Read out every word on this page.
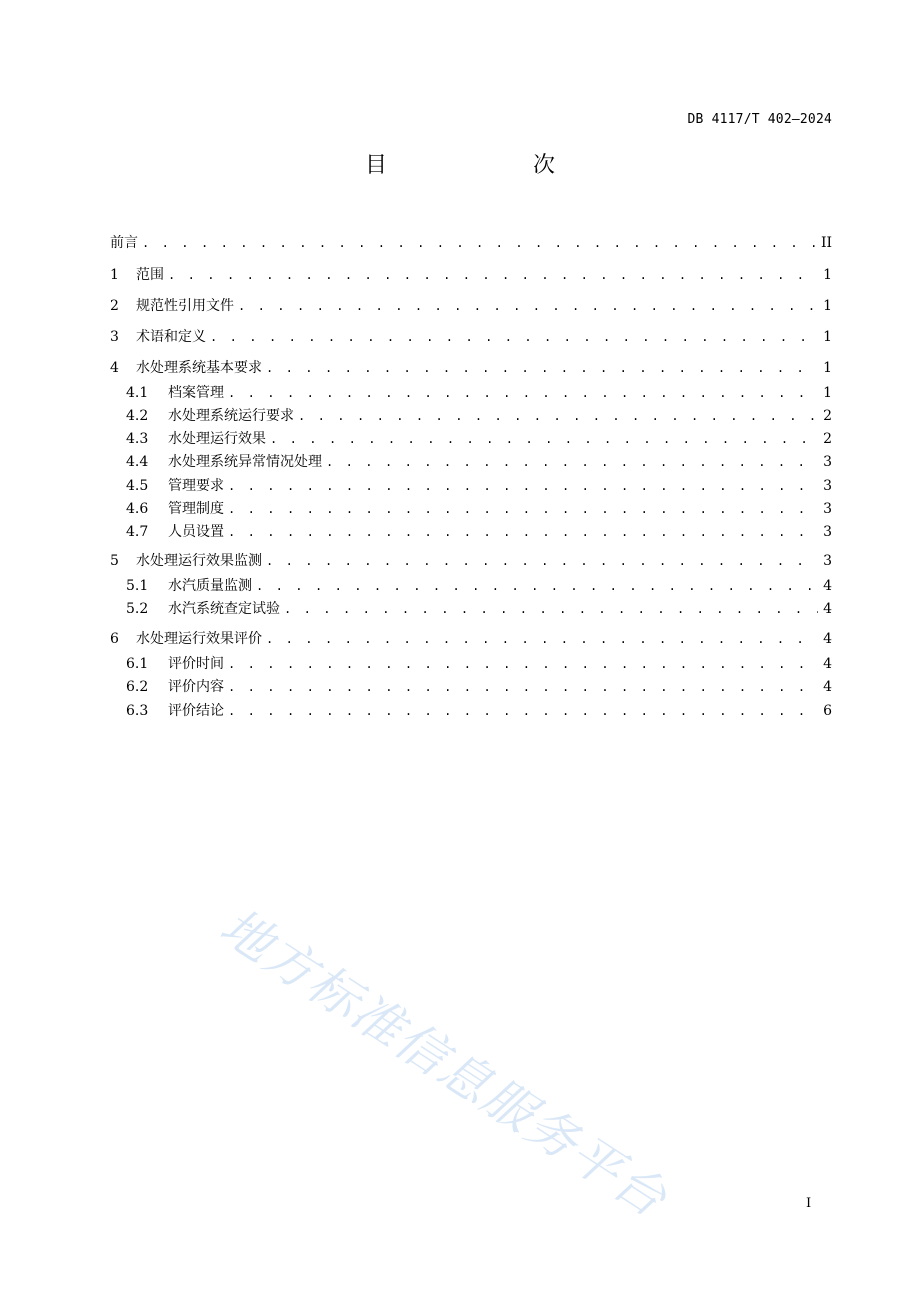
DB 4117/T 402—2024
目　　次
前言 . . .	II
1	范围 . . .	1
2	规范性引用文件 . . .	1
3	术语和定义 . . .	1
4	水处理系统基本要求 . . .	1
4.1	档案管理 . . .	1
4.2	水处理系统运行要求 . . .	2
4.3	水处理运行效果 . . .	2
4.4	水处理系统异常情况处理 . . .	3
4.5	管理要求 . . .	3
4.6	管理制度 . . .	3
4.7	人员设置 . . .	3
5	水处理运行效果监测 . . .	3
5.1	水汽质量监测 . . .	4
5.2	水汽系统查定试验 . . .	4
6	水处理运行效果评价 . . .	4
6.1	评价时间 . . .	4
6.2	评价内容 . . .	4
6.3	评价结论 . . .	6
地方标准信息服务平台	I
